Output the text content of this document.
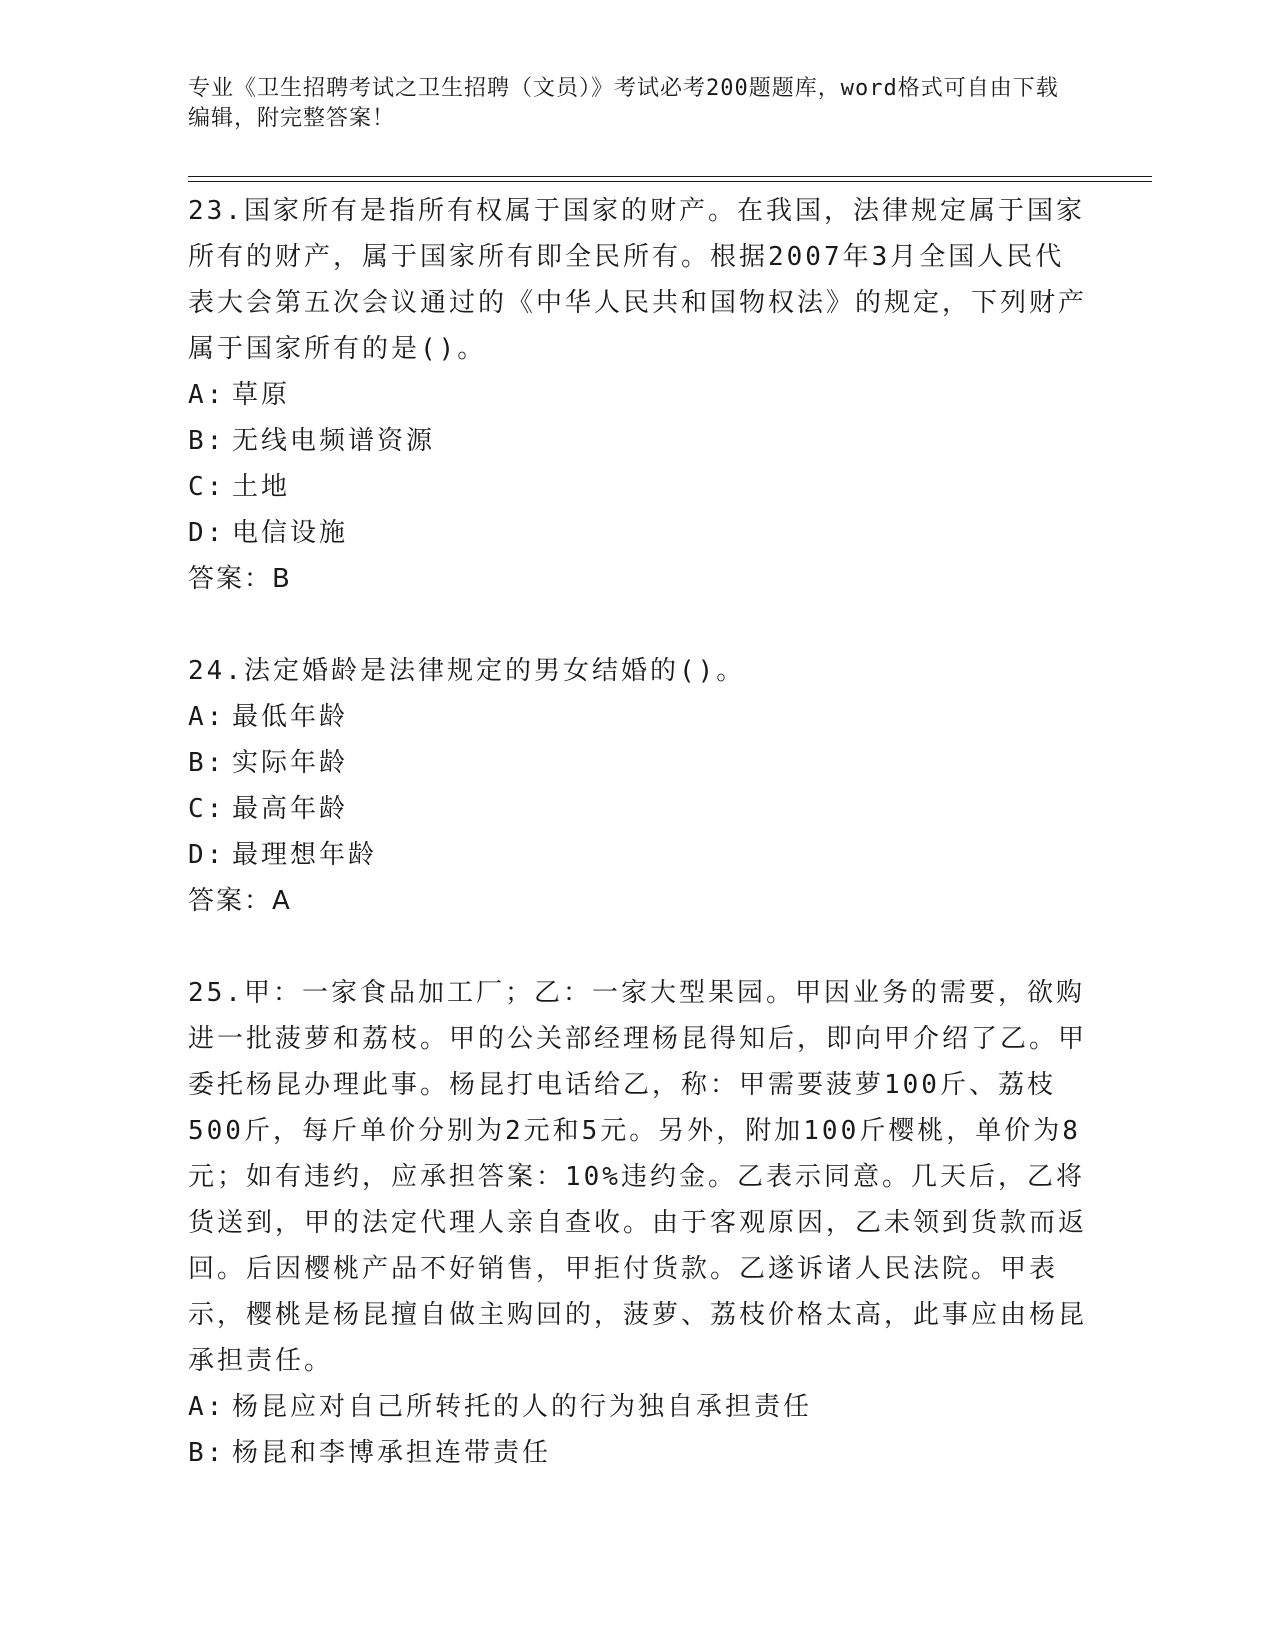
专业《卫生招聘考试之卫生招聘（文员）》考试必考200题题库，word格式可自由下载编辑，附完整答案！

23.国家所有是指所有权属于国家的财产。在我国，法律规定属于国家所有的财产，属于国家所有即全民所有。根据2007年3月全国人民代表大会第五次会议通过的《中华人民共和国物权法》的规定，下列财产属于国家所有的是()。

A: 草原

B: 无线电频谱资源

C: 土地

D: 电信设施

答案：B

24.法定婚龄是法律规定的男女结婚的()。

A: 最低年龄

B: 实际年龄

C: 最高年龄

D: 最理想年龄

答案：A

25.甲：一家食品加工厂；乙：一家大型果园。甲因业务的需要，欲购进一批菠萝和荔枝。甲的公关部经理杨昆得知后，即向甲介绍了乙。甲委托杨昆办理此事。杨昆打电话给乙，称：甲需要菠萝100斤、荔枝500斤，每斤单价分别为2元和5元。另外，附加100斤樱桃，单价为8元；如有违约，应承担答案：10%违约金。乙表示同意。几天后，乙将货送到，甲的法定代理人亲自查收。由于客观原因，乙未领到货款而返回。后因樱桃产品不好销售，甲拒付货款。乙遂诉诸人民法院。甲表示，樱桃是杨昆擅自做主购回的，菠萝、荔枝价格太高，此事应由杨昆承担责任。

A: 杨昆应对自己所转托的人的行为独自承担责任

B: 杨昆和李博承担连带责任
